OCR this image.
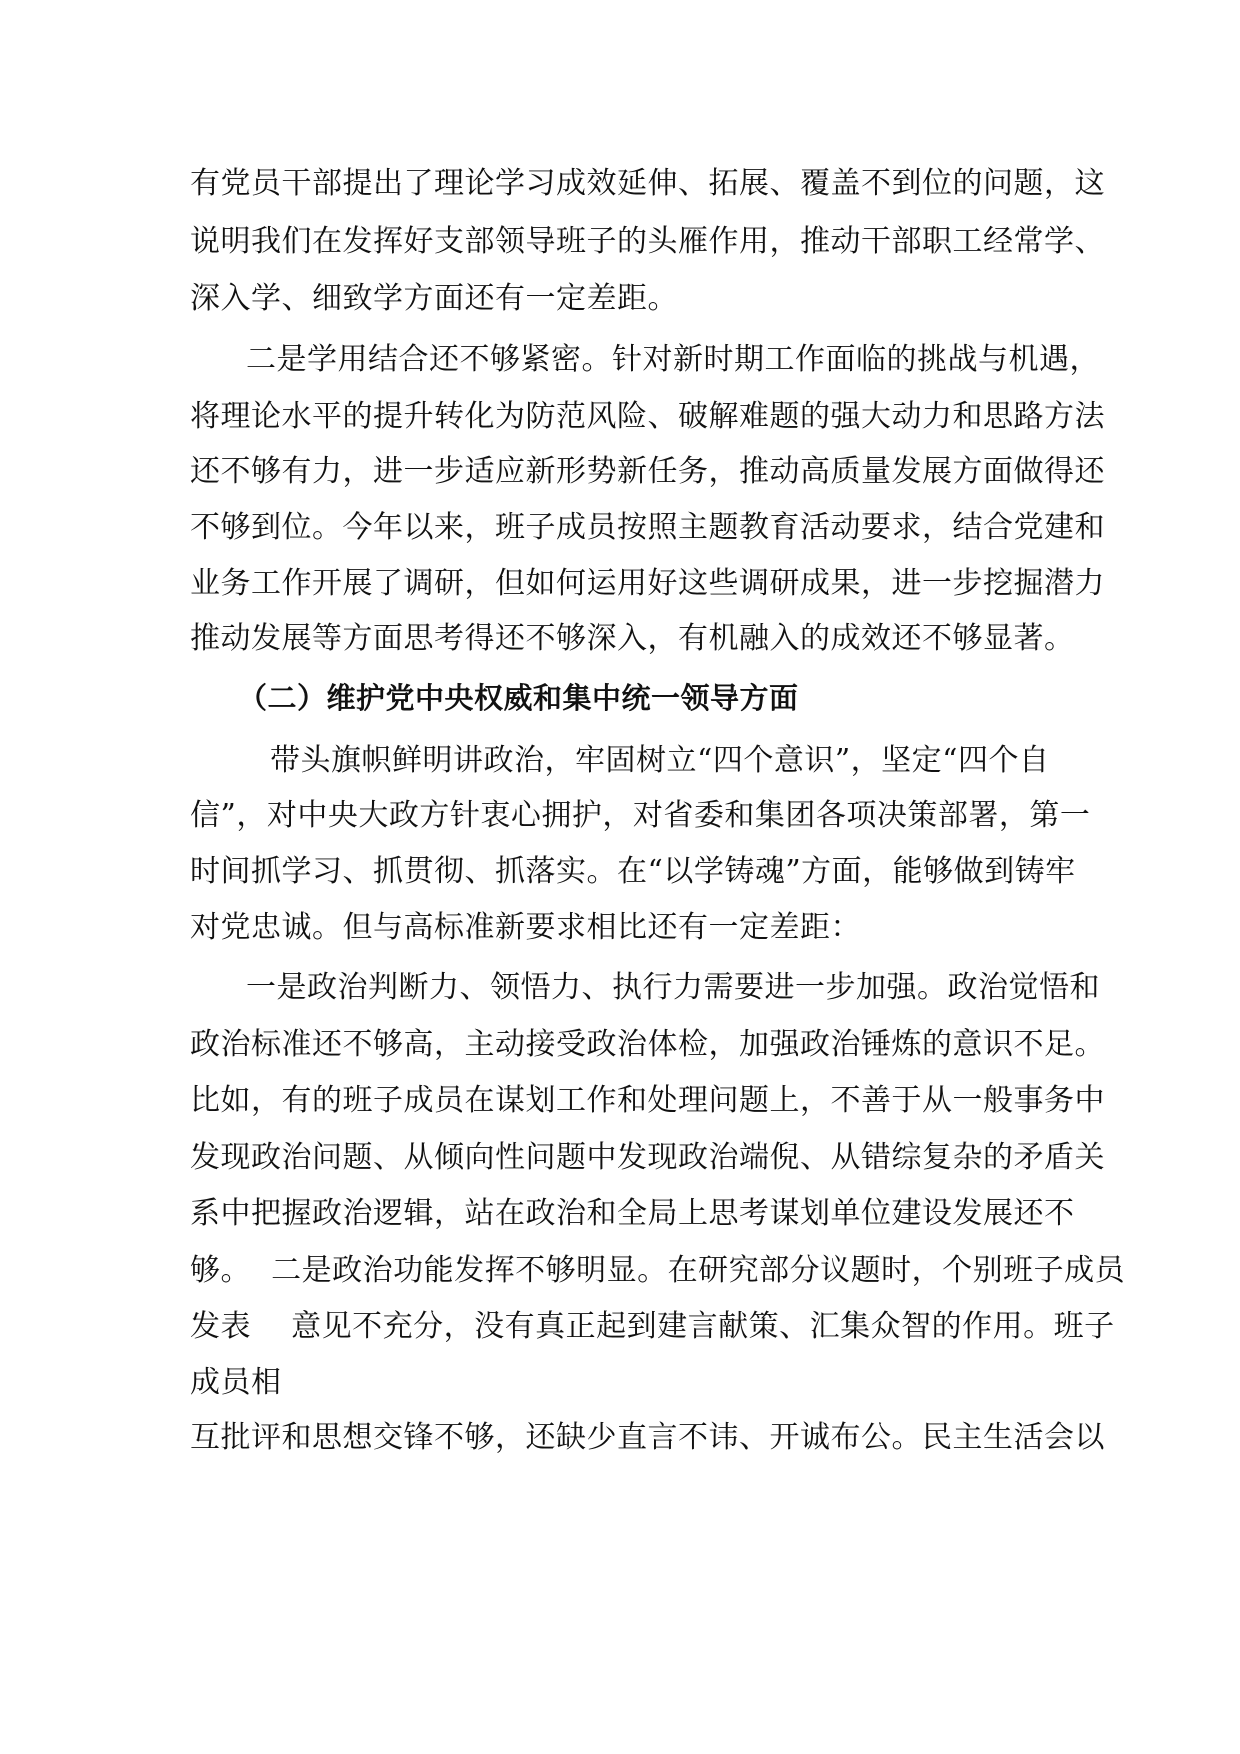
有党员干部提出了理论学习成效延伸、拓展、覆盖不到位的问题，这
说明我们在发挥好支部领导班子的头雁作用，推动干部职工经常学、
深入学、细致学方面还有一定差距。
二是学用结合还不够紧密。针对新时期工作面临的挑战与机遇，
将理论水平的提升转化为防范风险、破解难题的强大动力和思路方法
还不够有力，进一步适应新形势新任务，推动高质量发展方面做得还
不够到位。今年以来，班子成员按照主题教育活动要求，结合党建和
业务工作开展了调研，但如何运用好这些调研成果，进一步挖掘潜力
推动发展等方面思考得还不够深入，有机融入的成效还不够显著。
（二）维护党中央权威和集中统一领导方面
带头旗帜鲜明讲政治，牢固树立“四个意识”，坚定“四个自
信”，对中央大政方针衷心拥护，对省委和集团各项决策部署，第一
时间抓学习、抓贯彻、抓落实。在“以学铸魂”方面，能够做到铸牢
对党忠诚。但与高标准新要求相比还有一定差距：
一是政治判断力、领悟力、执行力需要进一步加强。政治觉悟和
政治标准还不够高，主动接受政治体检，加强政治锤炼的意识不足。
比如，有的班子成员在谋划工作和处理问题上，不善于从一般事务中
发现政治问题、从倾向性问题中发现政治端倪、从错综复杂的矛盾关
系中把握政治逻辑，站在政治和全局上思考谋划单位建设发展还不
够。  二是政治功能发挥不够明显。在研究部分议题时，个别班子成员
发表    意见不充分，没有真正起到建言献策、汇集众智的作用。班子
成员相
互批评和思想交锋不够，还缺少直言不讳、开诚布公。民主生活会以
